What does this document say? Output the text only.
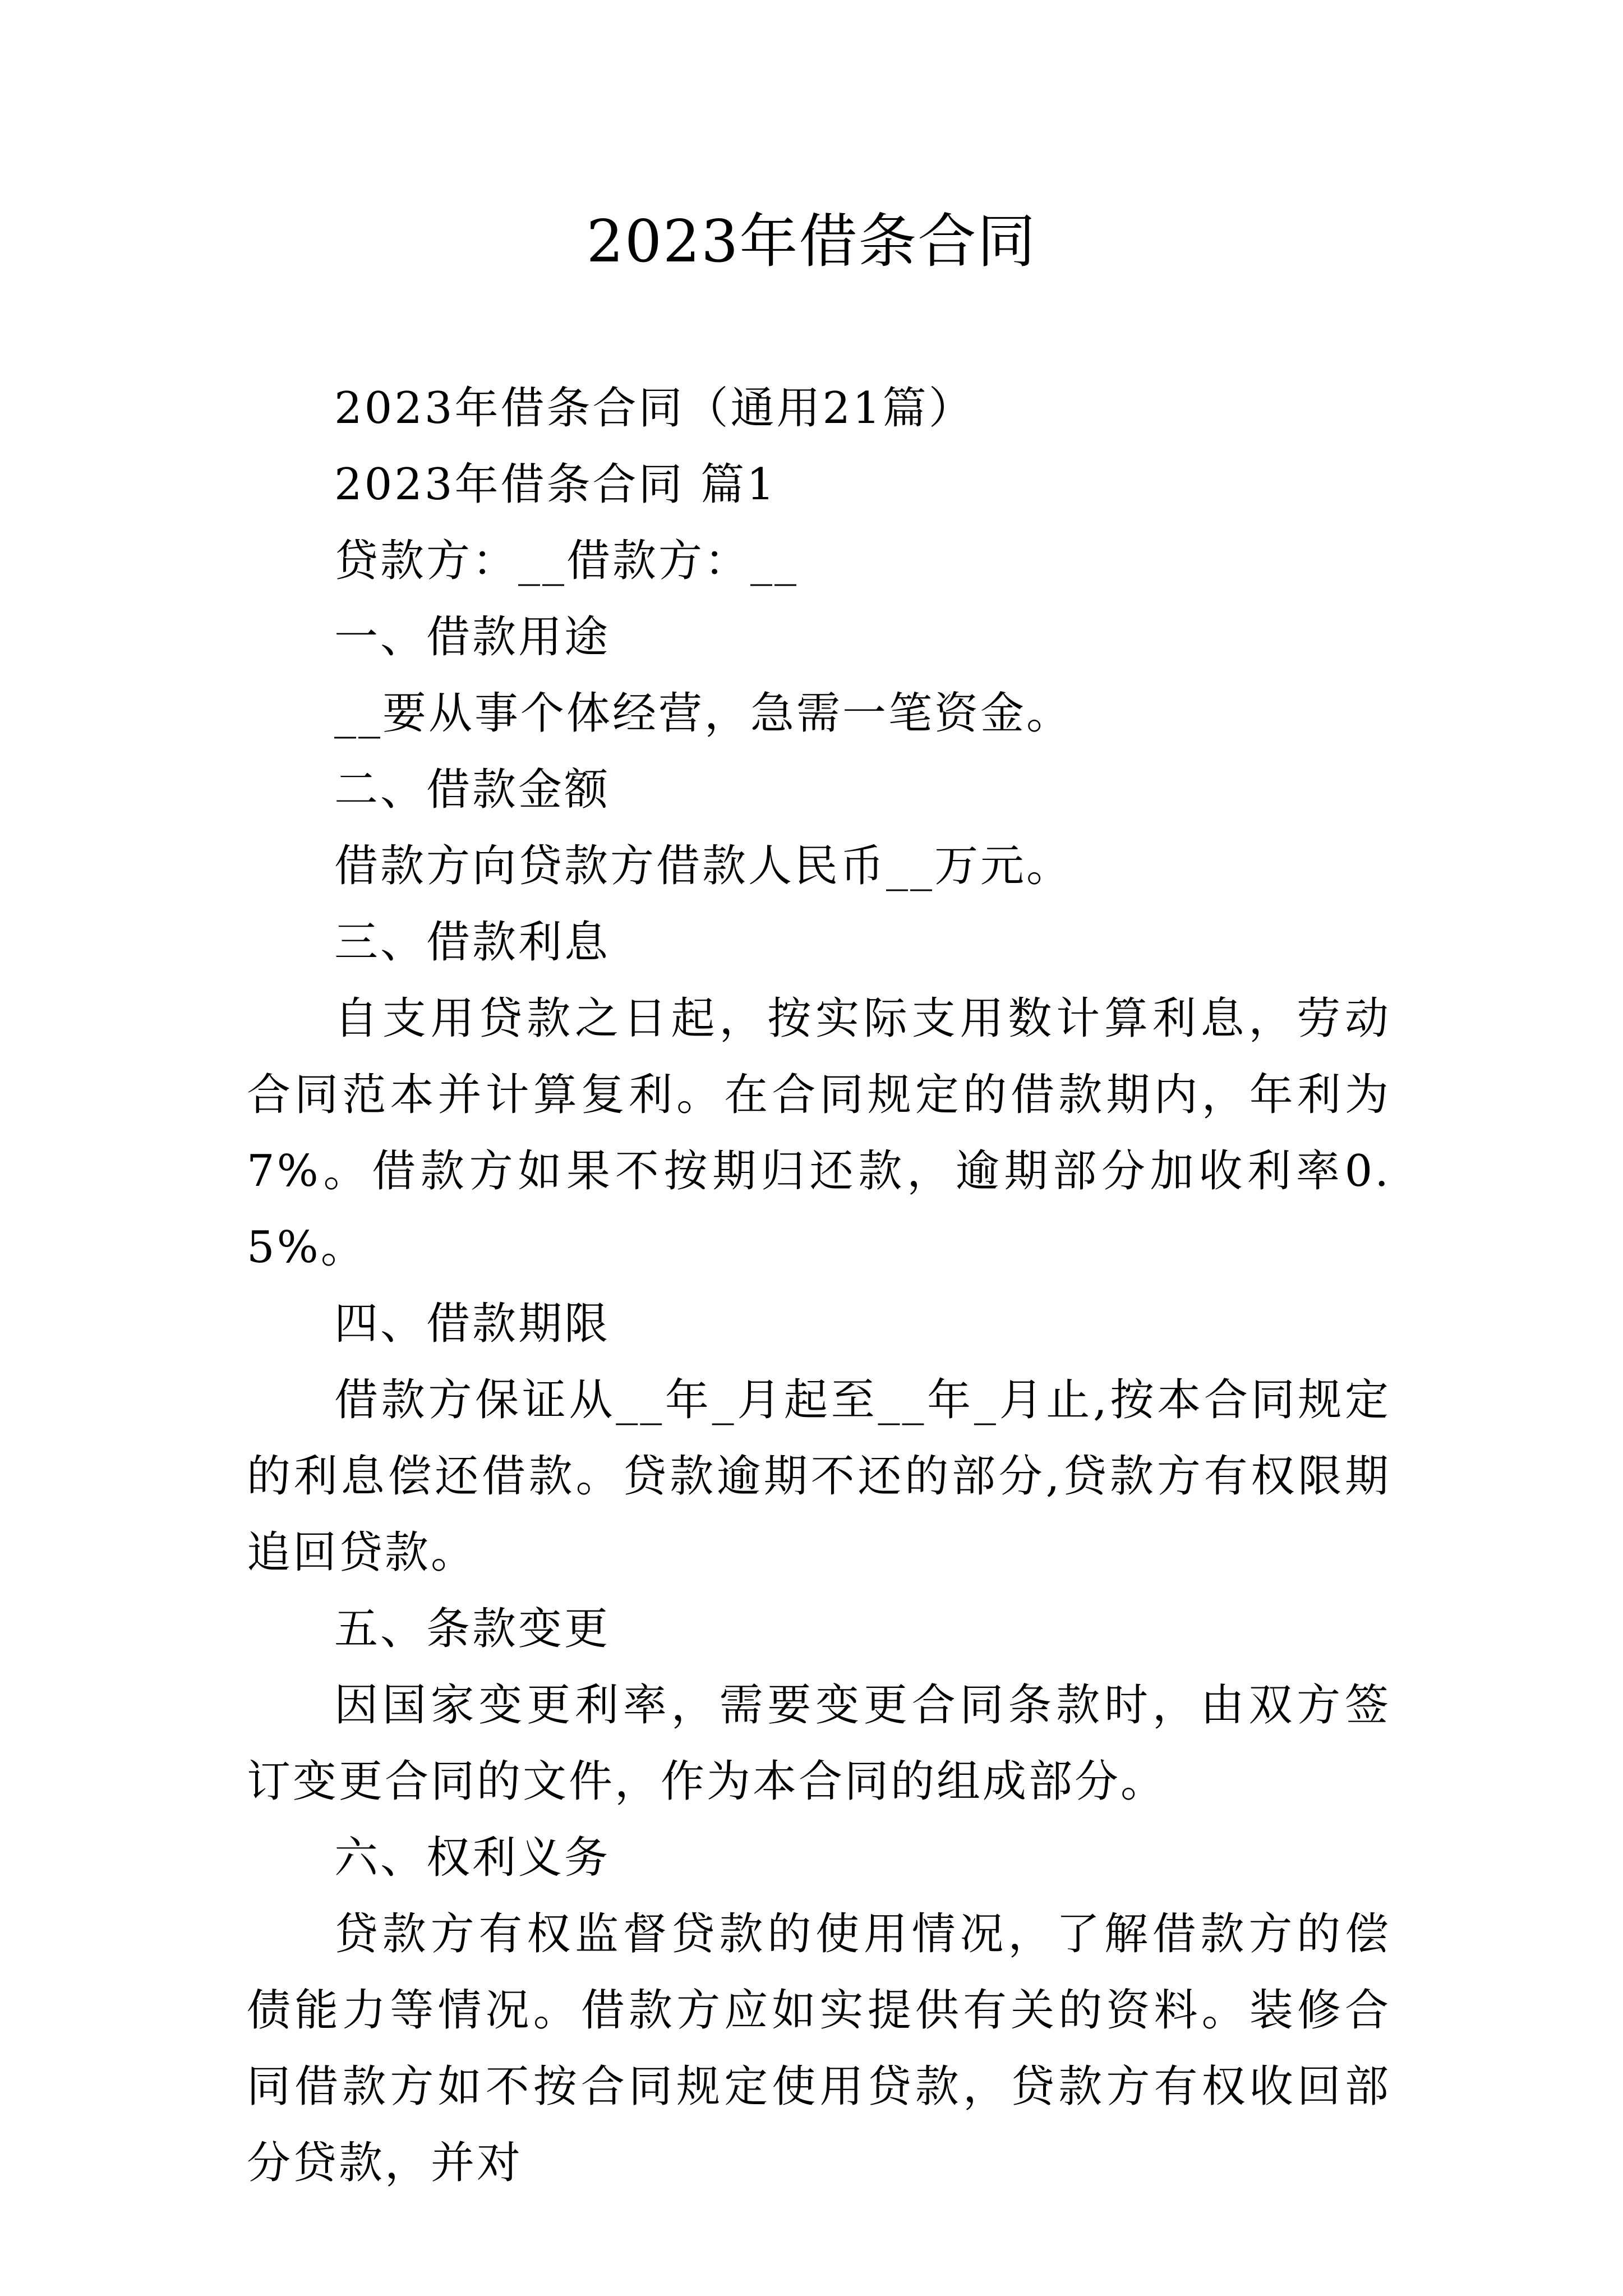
2023年借条合同

2023年借条合同（通用21篇）

2023年借条合同 篇1

贷款方：__借款方：__

一、借款用途

__要从事个体经营，急需一笔资金。

二、借款金额

借款方向贷款方借款人民币__万元。

三、借款利息

自支用贷款之日起，按实际支用数计算利息，劳动合同范本并计算复利。在合同规定的借款期内，年利为7%。借款方如果不按期归还款，逾期部分加收利率0.5%。

四、借款期限

借款方保证从__年_月起至__年_月止,按本合同规定的利息偿还借款。贷款逾期不还的部分,贷款方有权限期追回贷款。

五、条款变更

因国家变更利率，需要变更合同条款时，由双方签订变更合同的文件，作为本合同的组成部分。

六、权利义务

贷款方有权监督贷款的使用情况，了解借款方的偿债能力等情况。借款方应如实提供有关的资料。装修合同借款方如不按合同规定使用贷款，贷款方有权收回部分贷款，并对
